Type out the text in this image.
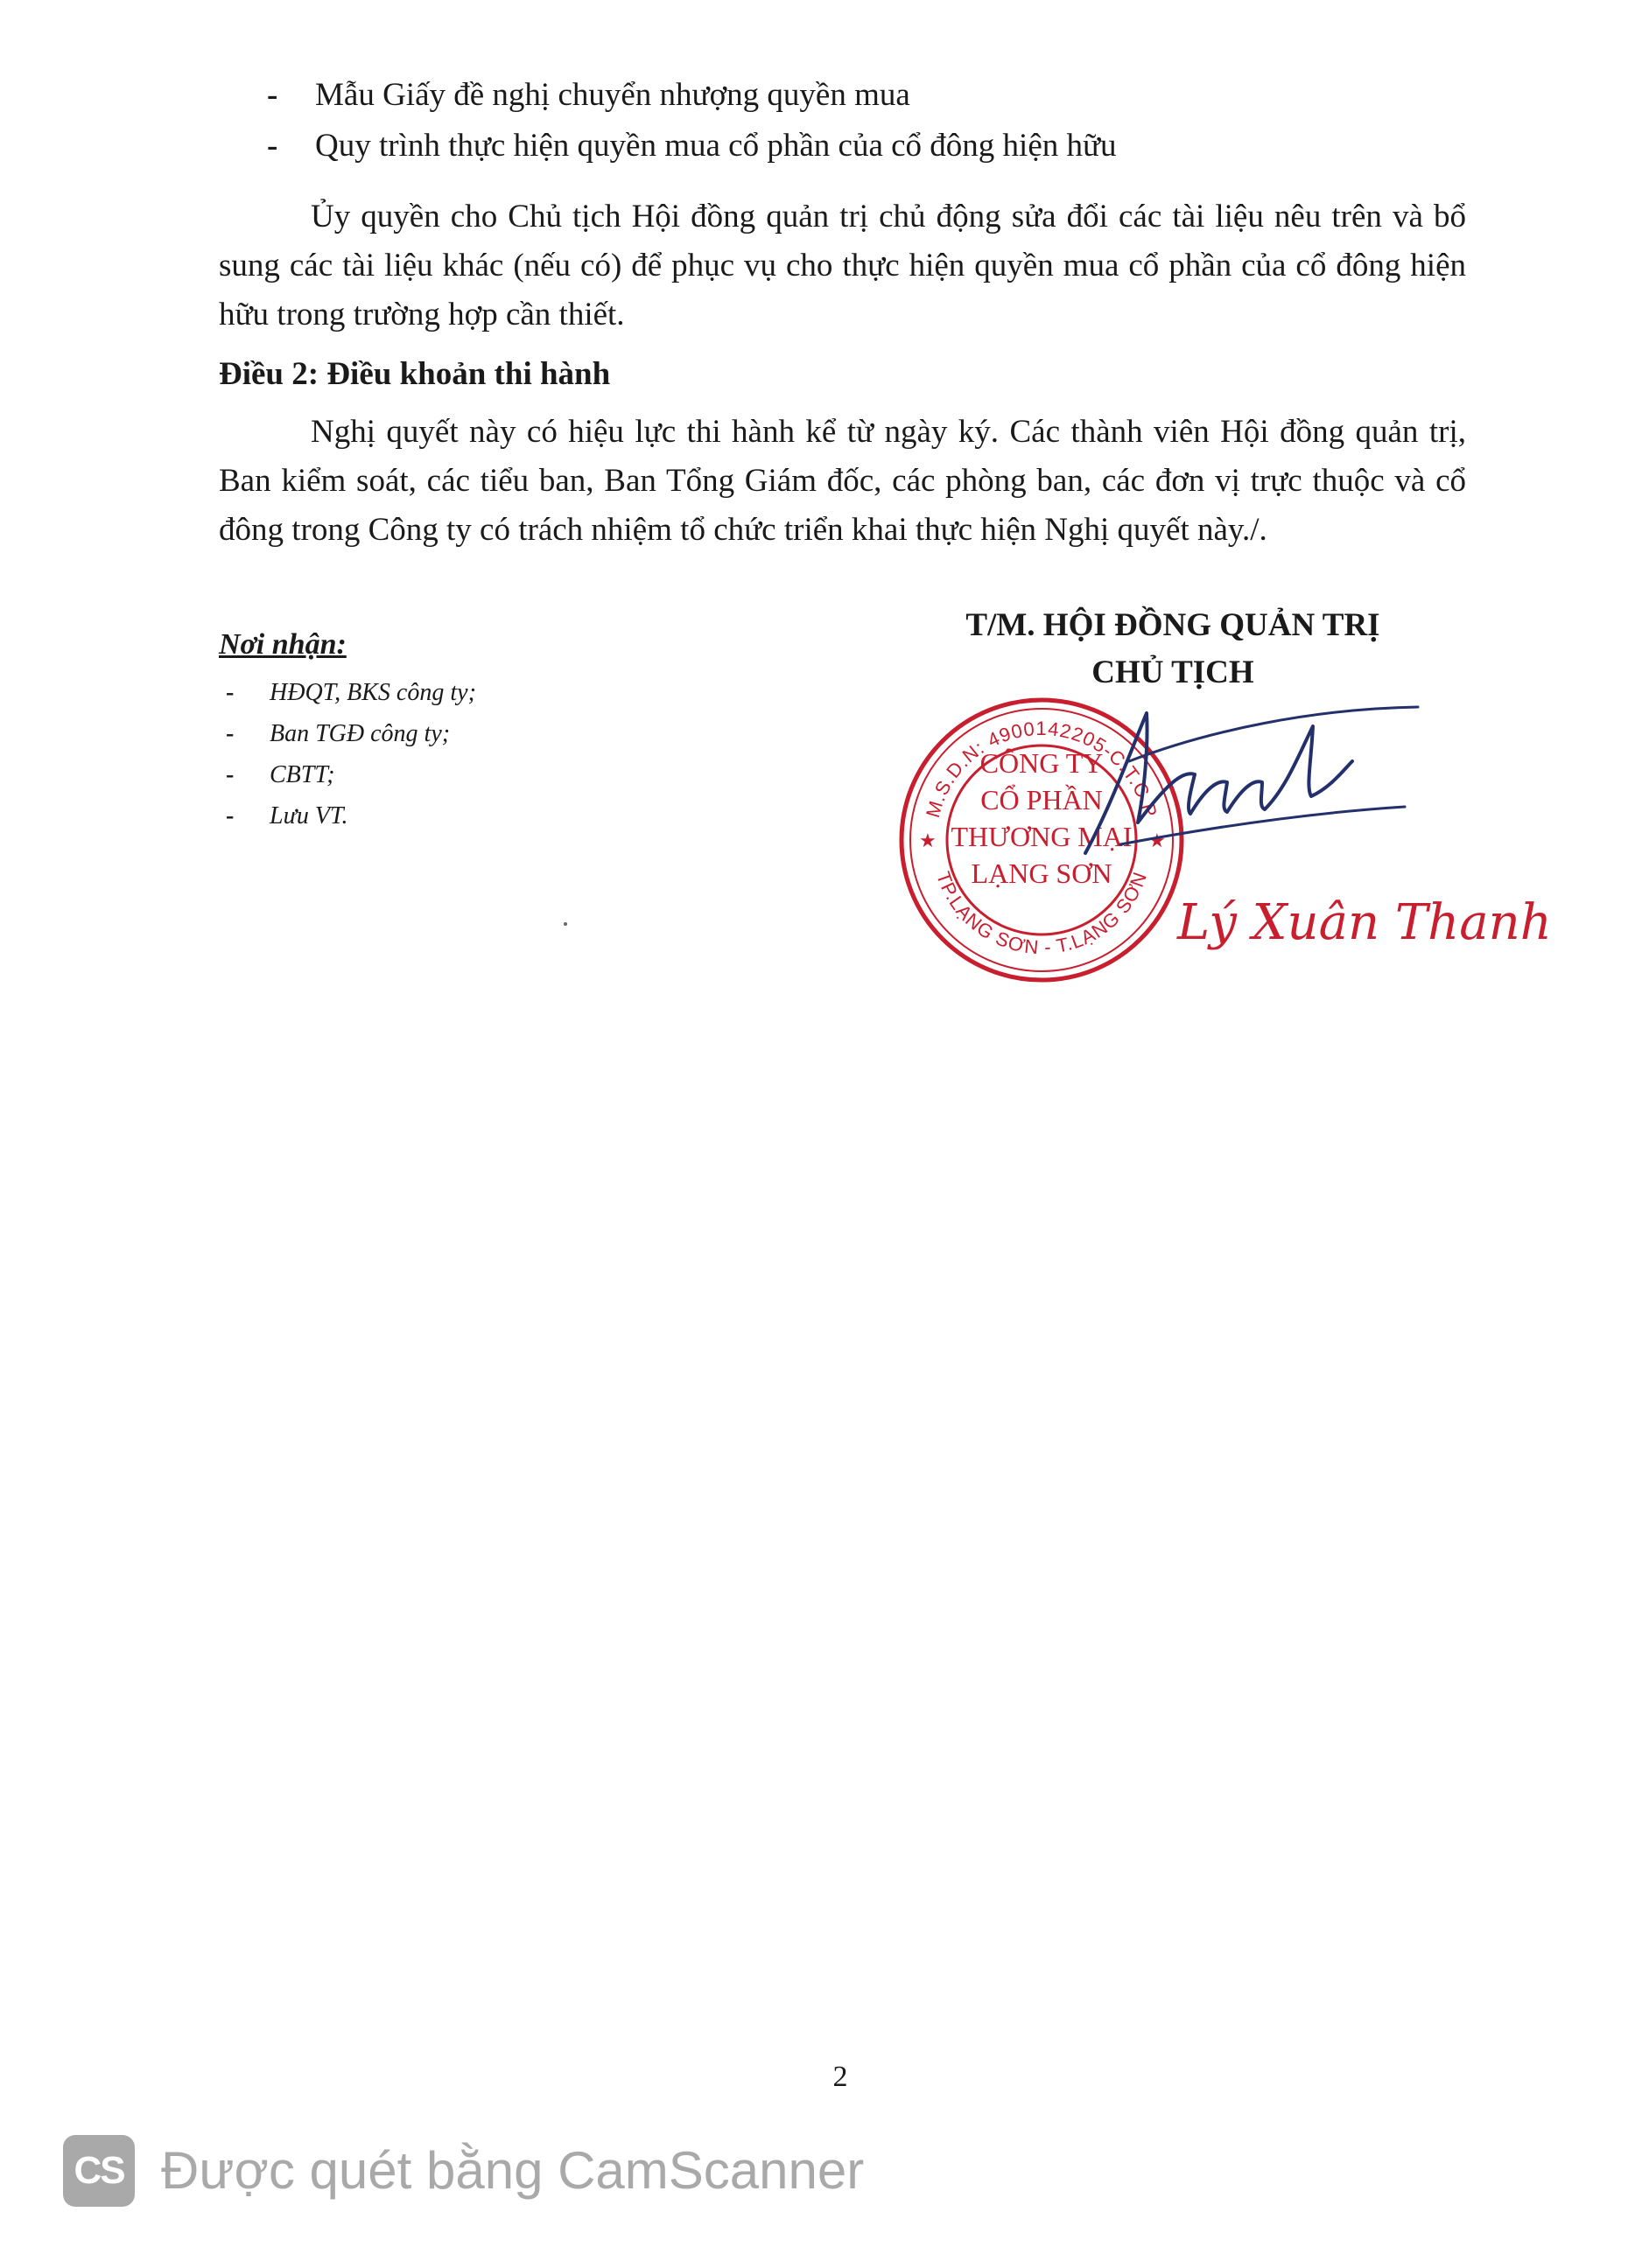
- Mẫu Giấy đề nghị chuyển nhượng quyền mua
- Quy trình thực hiện quyền mua cổ phần của cổ đông hiện hữu

Ủy quyền cho Chủ tịch Hội đồng quản trị chủ động sửa đổi các tài liệu nêu trên và bổ sung các tài liệu khác (nếu có) để phục vụ cho thực hiện quyền mua cổ phần của cổ đông hiện hữu trong trường hợp cần thiết.

Điều 2: Điều khoản thi hành

Nghị quyết này có hiệu lực thi hành kể từ ngày ký. Các thành viên Hội đồng quản trị, Ban kiểm soát, các tiểu ban, Ban Tổng Giám đốc, các phòng ban, các đơn vị trực thuộc và cổ đông trong Công ty có trách nhiệm tổ chức triển khai thực hiện Nghị quyết này./.

Nơi nhận:

- HĐQT, BKS công ty;
- Ban TGĐ công ty;
- CBTT;
- Lưu VT.

T/M. HỘI ĐỒNG QUẢN TRỊ

CHỦ TỊCH

M.S.D.N: 4900142205-C.T.C.P
TP.LẠNG SƠN - T.LẠNG SƠN
★	★
CÔNG TY
CỔ PHẦN
THƯƠNG MẠI
LẠNG SƠN
Lý Xuân Thanh
2
CS Được quét bằng CamScanner
